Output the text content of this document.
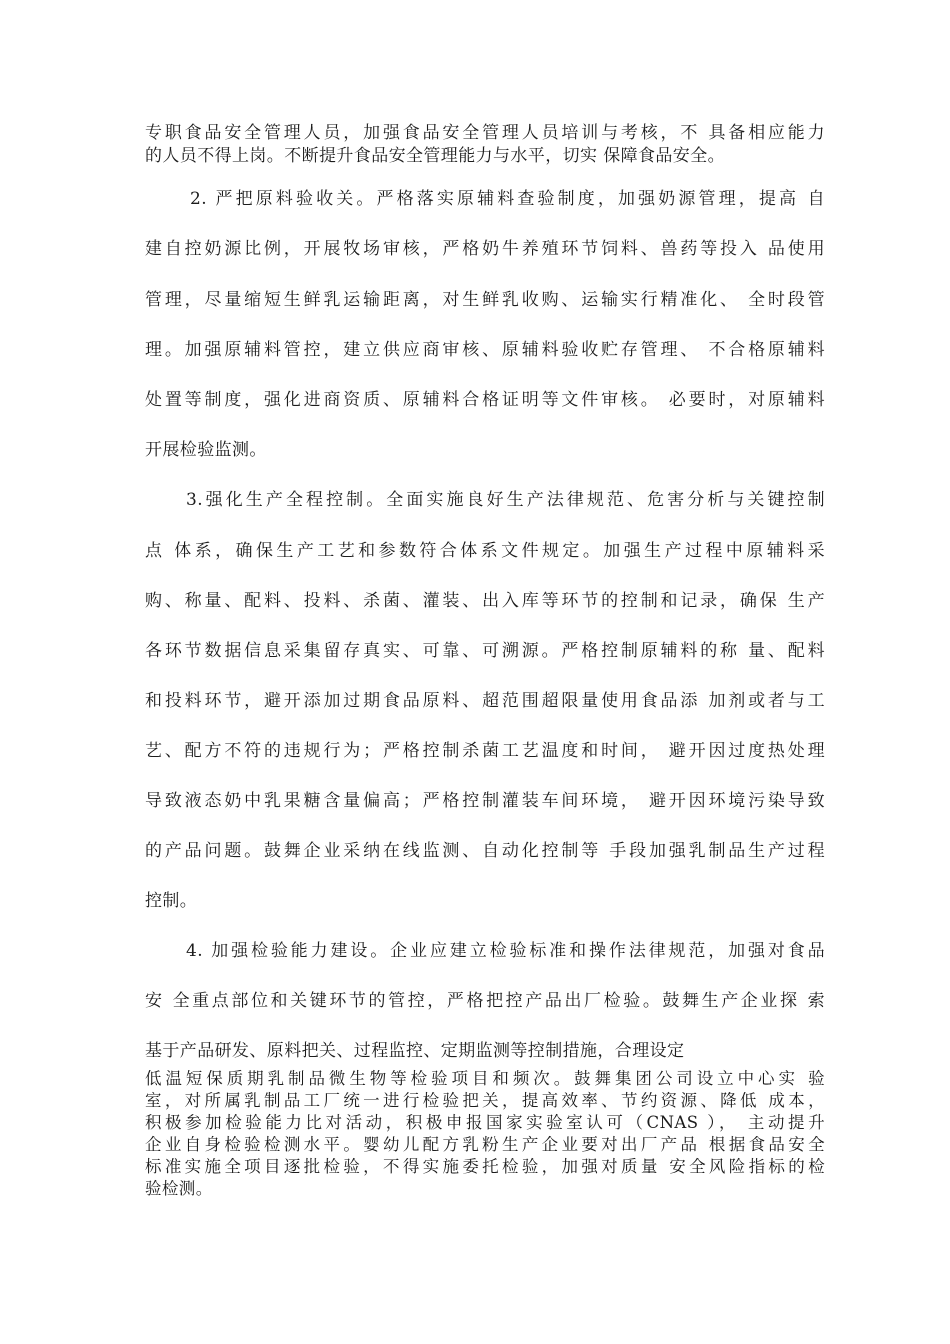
专职食品安全管理人员，加强食品安全管理人员培训与考核，不 具备相应能力
的人员不得上岗。不断提升食品安全管理能力与水平，切实 保障食品安全。
2. 严把原料验收关。严格落实原辅料查验制度，加强奶源管理，提高 自
建自控奶源比例，开展牧场审核，严格奶牛养殖环节饲料、兽药等投入 品使用
管理，尽量缩短生鲜乳运输距离，对生鲜乳收购、运输实行精准化、 全时段管
理。加强原辅料管控，建立供应商审核、原辅料验收贮存管理、 不合格原辅料
处置等制度，强化进商资质、原辅料合格证明等文件审核。 必要时，对原辅料
开展检验监测。
3.强化生产全程控制。全面实施良好生产法律规范、危害分析与关键控制
点 体系，确保生产工艺和参数符合体系文件规定。加强生产过程中原辅料采
购、称量、配料、投料、杀菌、灌装、出入库等环节的控制和记录，确保 生产
各环节数据信息采集留存真实、可靠、可溯源。严格控制原辅料的称 量、配料
和投料环节，避开添加过期食品原料、超范围超限量使用食品添 加剂或者与工
艺、配方不符的违规行为；严格控制杀菌工艺温度和时间， 避开因过度热处理
导致液态奶中乳果糖含量偏高；严格控制灌装车间环境， 避开因环境污染导致
的产品问题。鼓舞企业采纳在线监测、自动化控制等 手段加强乳制品生产过程
控制。
4. 加强检验能力建设。企业应建立检验标准和操作法律规范，加强对食品
安 全重点部位和关键环节的管控，严格把控产品出厂检验。鼓舞生产企业探 索
基于产品研发、原料把关、过程监控、定期监测等控制措施，合理设定
低温短保质期乳制品微生物等检验项目和频次。鼓舞集团公司设立中心实 验
室，对所属乳制品工厂统一进行检验把关，提高效率、节约资源、降低 成本，
积极参加检验能力比对活动，积极申报国家实验室认可（CNAS ）， 主动提升
企业自身检验检测水平。婴幼儿配方乳粉生产企业要对出厂产品 根据食品安全
标准实施全项目逐批检验，不得实施委托检验，加强对质量 安全风险指标的检
验检测。
